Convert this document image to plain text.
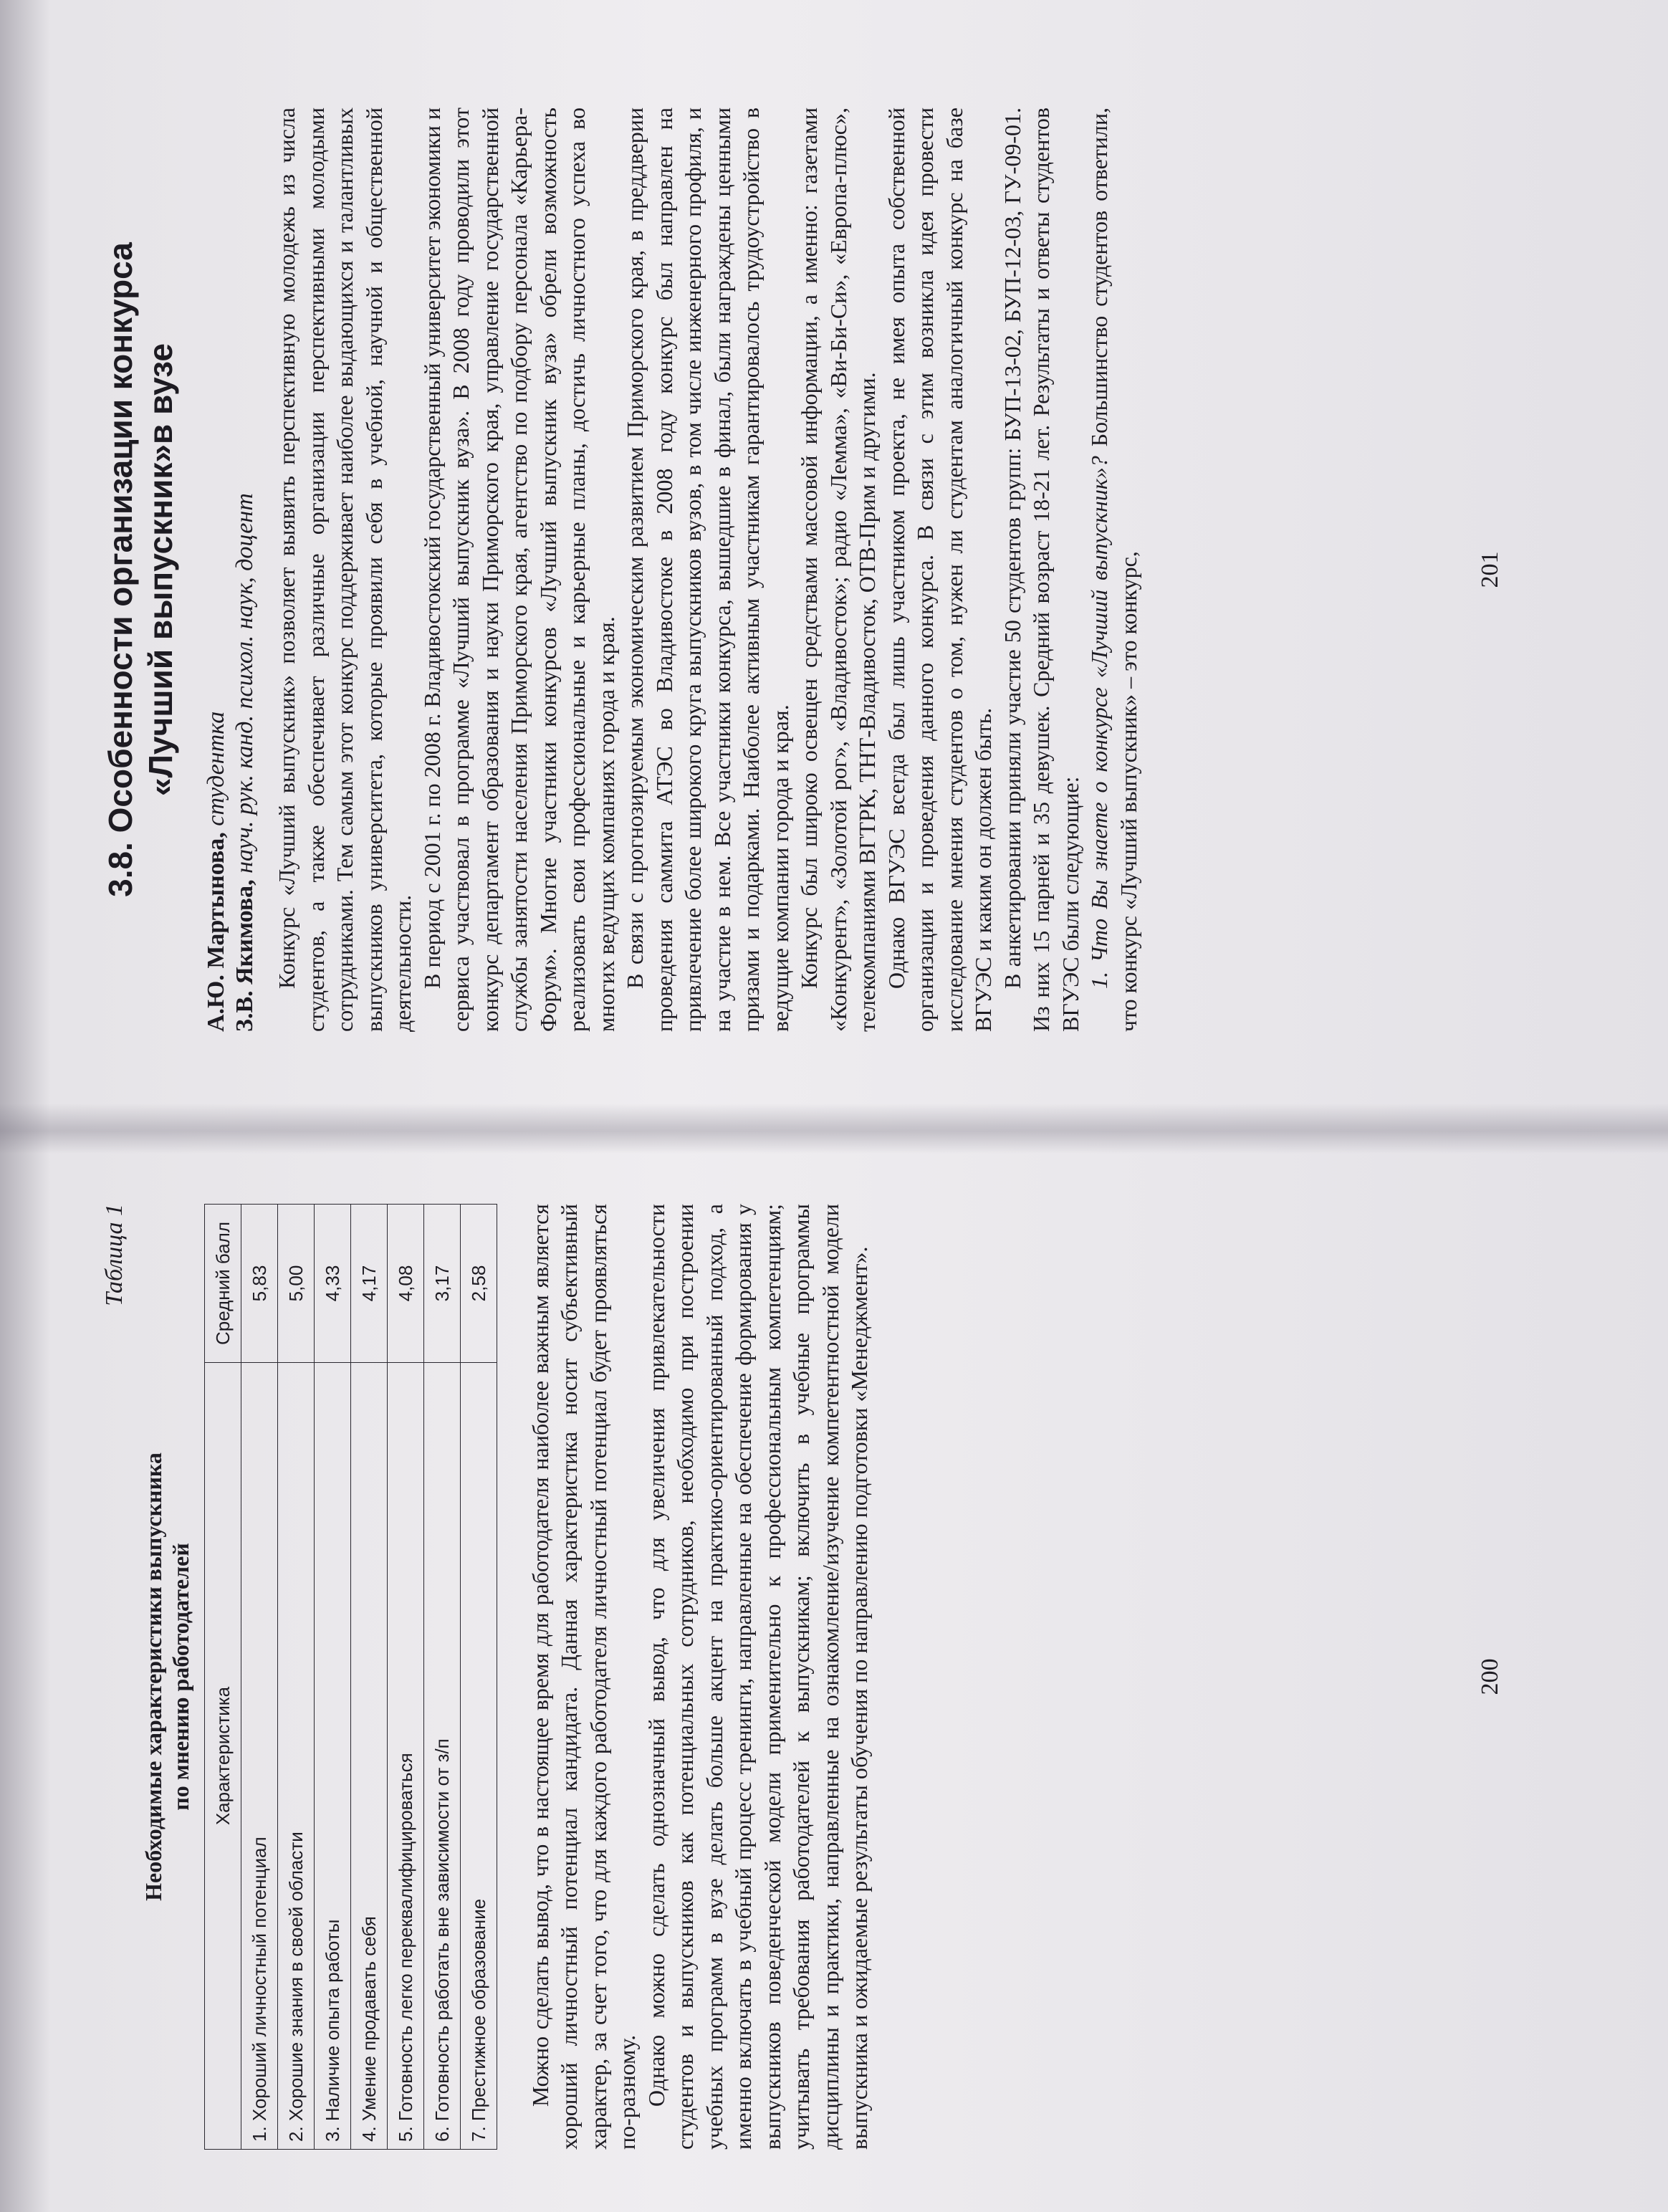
3.8. Особенности организации конкурса
«Лучший выпускник»в вузе

А.Ю. Мартынова, студентка

З.В. Якимова, науч. рук. канд. психол. наук, доцент Конкурс «Лучший выпускник» позволяет выявить перспективную молодежь из числа студентов, а также обеспечивает различные организации перспективными молодыми сотрудниками. Тем самым этот конкурс поддерживает наиболее выдающихся и талантливых выпускников университета, которые проявили себя в учебной, научной и общественной деятельности. В период с 2001 г. по 2008 г. Владивостокский государственный университет экономики и сервиса участвовал в программе «Лучший выпускник вуза». В 2008 году проводили этот конкурс департамент образования и науки Приморского края, управление государственной службы занятости населения Приморского края, агентство по подбору персонала «Карьера-Форум». Многие участники конкурсов «Лучший выпускник вуза» обрели возможность реализовать свои профессиональные и карьерные планы, достичь личностного успеха во многих ведущих компаниях города и края. В связи с прогнозируемым экономическим развитием Приморского края, в преддверии проведения саммита АТЭС во Владивостоке в 2008 году конкурс был направлен на привлечение более широкого круга выпускников вузов, в том числе инженерного профиля, и на участие в нем. Все участники конкурса, вышедшие в финал, были награждены ценными призами и подарками. Наиболее активным участникам гарантировалось трудоустройство в ведущие компании города и края. Конкурс был широко освещен средствами массовой информации, а именно: газетами «Конкурент», «Золотой рог», «Владивосток»; радио «Лемма», «Ви-Би-Си», «Европа-плюс», телекомпаниями ВГТРК, ТНТ-Владивосток, ОТВ-Прим и другими. Однако ВГУЭС всегда был лишь участником проекта, не имея опыта собственной организации и проведения данного конкурса. В связи с этим возникла идея провести исследование мнения студентов о том, нужен ли студентам аналогичный конкурс на базе ВГУЭС и каким он должен быть. В анкетировании приняли участие 50 студентов групп: БУП-13-02, БУП-12-03, ГУ-09-01. Из них 15 парней и 35 девушек. Средний возраст 18-21 лет. Результаты и ответы студентов ВГУЭС были следующие: 1. Что Вы знаете о конкурсе «Лучший выпускник»? Большинство студентов ответили, что конкурс «Лучший выпускник» – это конкурс,	201
Таблица 1
Необходимые характеристики выпускника
по мнению работодателей Характеристика	Средний балл
1. Хороший личностный потенциал	5,83
2. Хорошие знания в своей области	5,00
3. Наличие опыта работы	4,33
4. Умение продавать себя	4,17
5. Готовность легко переквалифицироваться	4,08
6. Готовность работать вне зависимости от з/п	3,17
7. Престижное образование	2,58 Можно сделать вывод, что в настоящее время для работодателя наиболее важным является хороший личностный потенциал кандидата. Данная характеристика носит субъективный характер, за счет того, что для каждого работодателя личностный потенциал будет проявляться по-разному. Однако можно сделать однозначный вывод, что для увеличения привлекательности студентов и выпускников как потенциальных сотрудников, необходимо при построении учебных программ в вузе делать больше акцент на практико-ориентированный подход, а именно включать в учебный процесс тренинги, направленные на обеспечение формирования у выпускников поведенческой модели применительно к профессиональным компетенциям; учитывать требования работодателей к выпускникам; включить в учебные программы дисциплины и практики, направленные на ознакомление/изучение компетентностной модели выпускника и ожидаемые результаты обучения по направлению подготовки «Менеджмент».	200
